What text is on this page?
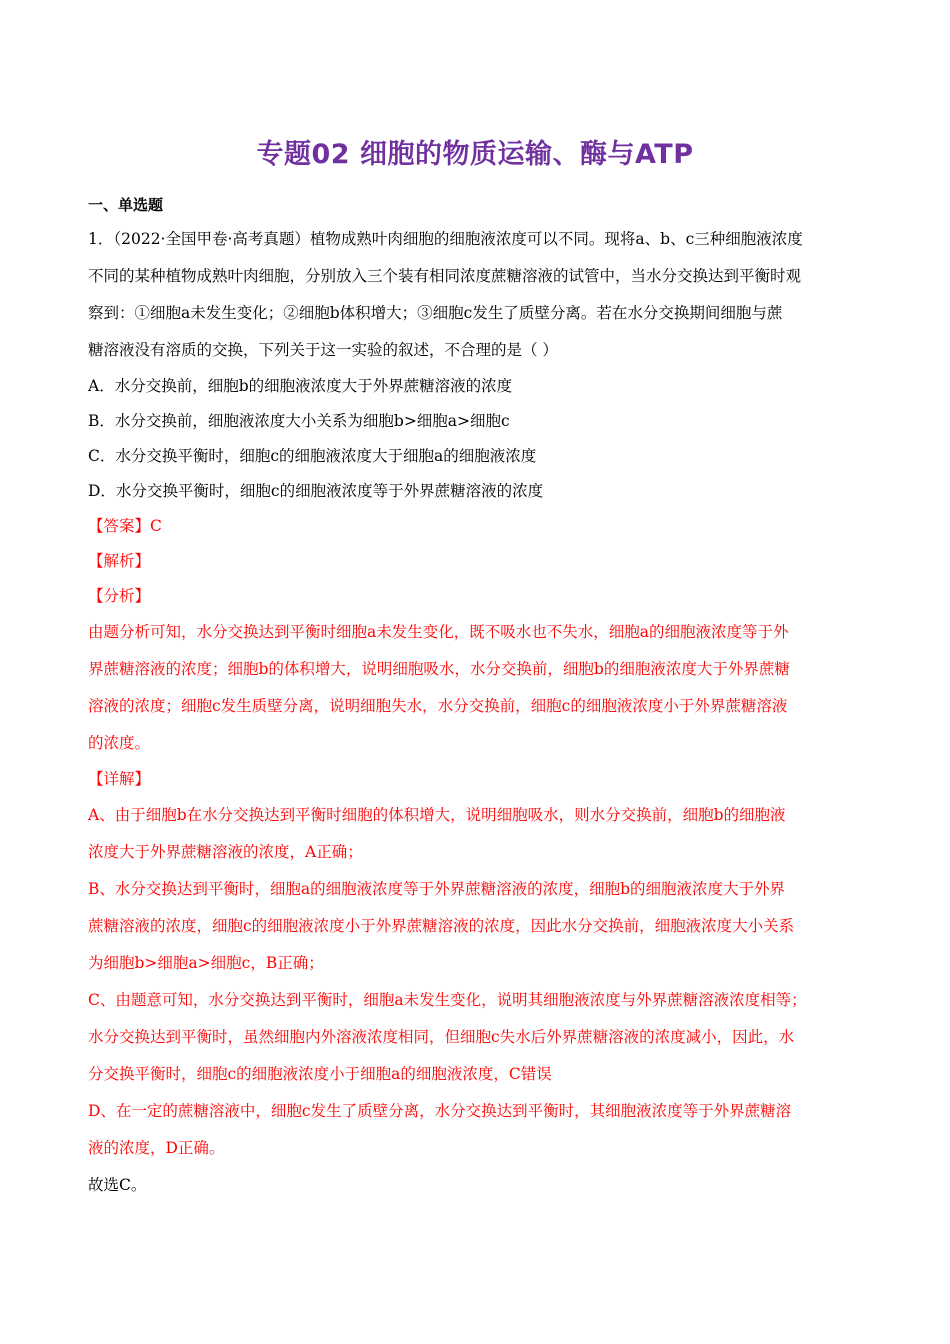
专题02 细胞的物质运输、酶与ATP
一、单选题
1．（2022·全国甲卷·高考真题）植物成熟叶肉细胞的细胞液浓度可以不同。现将a、b、c三种细胞液浓度
不同的某种植物成熟叶肉细胞，分别放入三个装有相同浓度蔗糖溶液的试管中，当水分交换达到平衡时观
察到：①细胞a未发生变化；②细胞b体积增大；③细胞c发生了质壁分离。若在水分交换期间细胞与蔗
糖溶液没有溶质的交换，下列关于这一实验的叙述，不合理的是（ ）
A．水分交换前，细胞b的细胞液浓度大于外界蔗糖溶液的浓度
B．水分交换前，细胞液浓度大小关系为细胞b>细胞a>细胞c
C．水分交换平衡时，细胞c的细胞液浓度大于细胞a的细胞液浓度
D．水分交换平衡时，细胞c的细胞液浓度等于外界蔗糖溶液的浓度
【答案】C
【解析】
【分析】
由题分析可知，水分交换达到平衡时细胞a未发生变化，既不吸水也不失水，细胞a的细胞液浓度等于外
界蔗糖溶液的浓度；细胞b的体积增大，说明细胞吸水，水分交换前，细胞b的细胞液浓度大于外界蔗糖
溶液的浓度；细胞c发生质壁分离，说明细胞失水，水分交换前，细胞c的细胞液浓度小于外界蔗糖溶液
的浓度。
【详解】
A、由于细胞b在水分交换达到平衡时细胞的体积增大，说明细胞吸水，则水分交换前，细胞b的细胞液
浓度大于外界蔗糖溶液的浓度，A正确；
B、水分交换达到平衡时，细胞a的细胞液浓度等于外界蔗糖溶液的浓度，细胞b的细胞液浓度大于外界
蔗糖溶液的浓度，细胞c的细胞液浓度小于外界蔗糖溶液的浓度，因此水分交换前，细胞液浓度大小关系
为细胞b>细胞a>细胞c，B正确；
C、由题意可知，水分交换达到平衡时，细胞a未发生变化，说明其细胞液浓度与外界蔗糖溶液浓度相等；
水分交换达到平衡时，虽然细胞内外溶液浓度相同，但细胞c失水后外界蔗糖溶液的浓度减小，因此，水
分交换平衡时，细胞c的细胞液浓度小于细胞a的细胞液浓度，C错误
D、在一定的蔗糖溶液中，细胞c发生了质壁分离，水分交换达到平衡时，其细胞液浓度等于外界蔗糖溶
液的浓度，D正确。
故选C。
